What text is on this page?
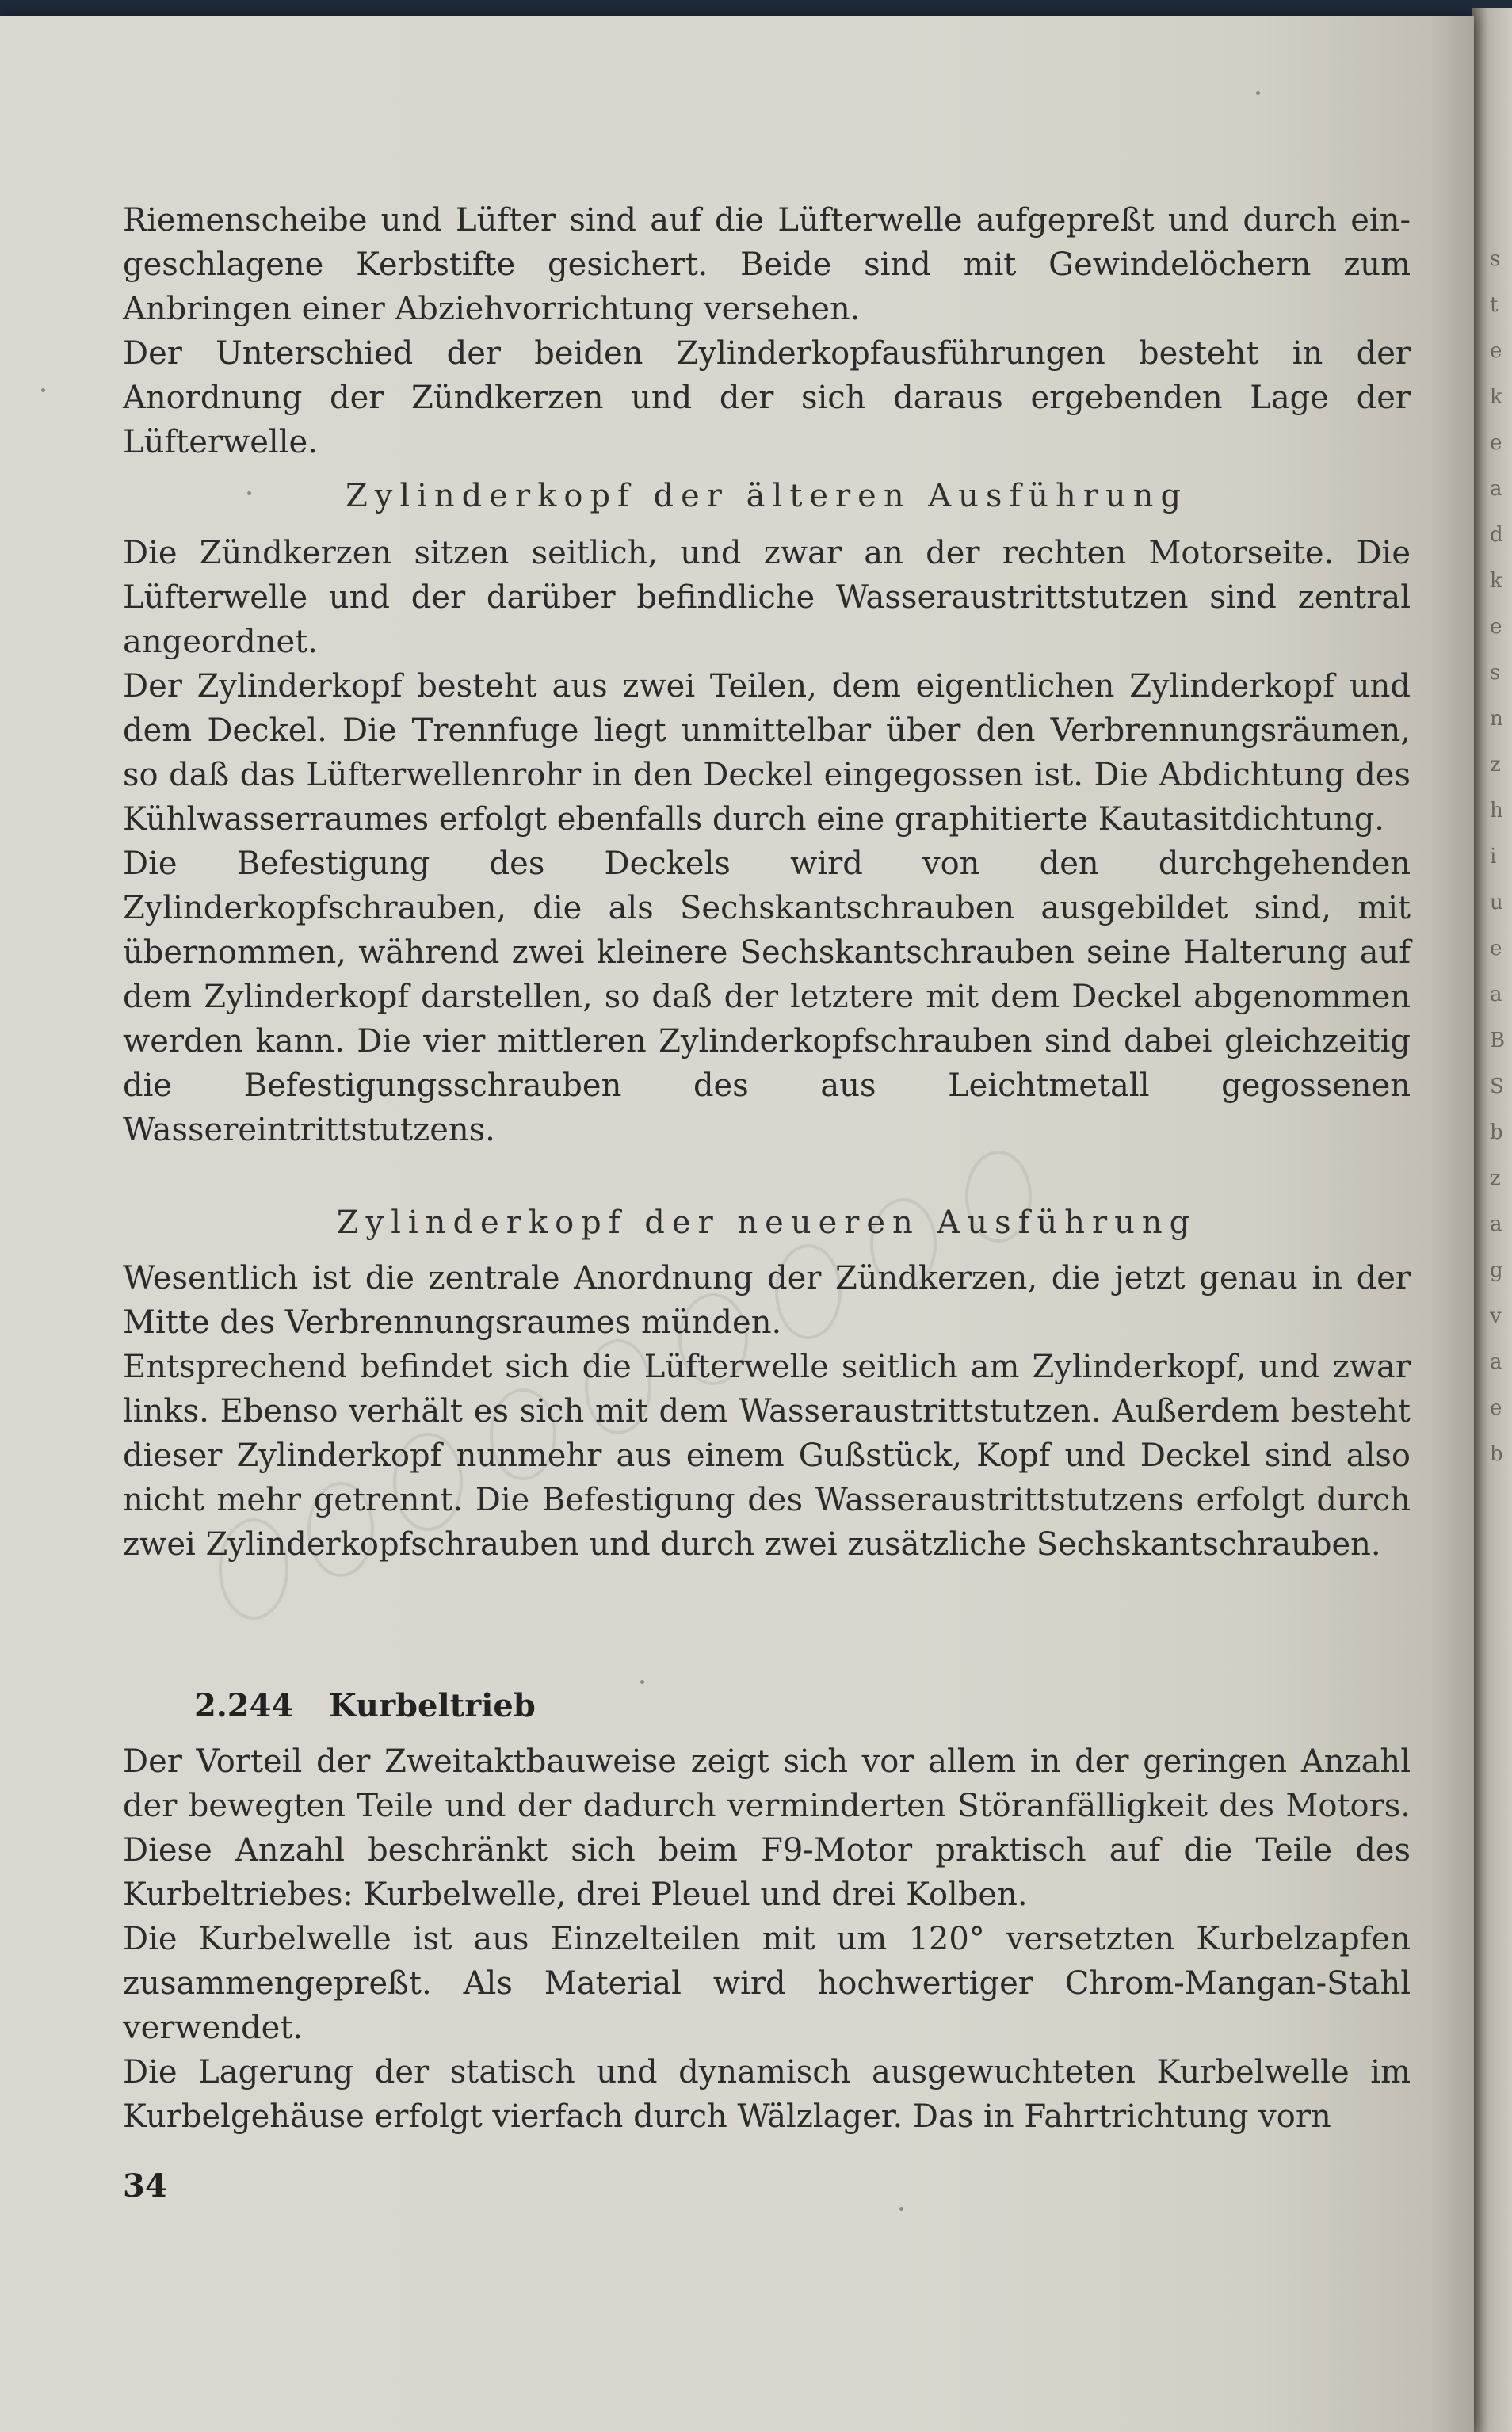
s
t
e
k
e
a
d
k
e
s
n
z
h
i
u
e
a
B
S
b
z
a
g
v
a
e
b

Riemenscheibe und Lüfter sind auf die Lüfterwelle aufgepreßt und durch ein- geschlagene Kerbstifte gesichert. Beide sind mit Gewindelöchern zum Anbringen einer Abziehvorrichtung versehen.

Der Unterschied der beiden Zylinderkopfausführungen besteht in der Anordnung der Zündkerzen und der sich daraus ergebenden Lage der Lüfterwelle.

Zylinderkopf der älteren Ausführung

Die Zündkerzen sitzen seitlich, und zwar an der rechten Motorseite. Die Lüfterwelle und der darüber befindliche Wasseraustrittstutzen sind zentral angeordnet.

Der Zylinderkopf besteht aus zwei Teilen, dem eigentlichen Zylinderkopf und dem Deckel. Die Trennfuge liegt unmittelbar über den Verbrennungsräumen, so daß das Lüfterwellenrohr in den Deckel eingegossen ist. Die Abdichtung des Kühlwasserraumes erfolgt ebenfalls durch eine graphitierte Kautasitdichtung.

Die Befestigung des Deckels wird von den durchgehenden Zylinderkopfschrauben, die als Sechskantschrauben ausgebildet sind, mit übernommen, während zwei kleinere Sechskantschrauben seine Halterung auf dem Zylinderkopf darstellen, so daß der letztere mit dem Deckel abgenommen werden kann. Die vier mittleren Zylinderkopfschrauben sind dabei gleichzeitig die Befestigungsschrauben des aus Leichtmetall gegossenen Wassereintrittstutzens.

Zylinderkopf der neueren Ausführung

Wesentlich ist die zentrale Anordnung der Zündkerzen, die jetzt genau in der Mitte des Verbrennungsraumes münden.

Entsprechend befindet sich die Lüfterwelle seitlich am Zylinderkopf, und zwar links. Ebenso verhält es sich mit dem Wasseraustrittstutzen. Außerdem besteht dieser Zylinderkopf nunmehr aus einem Gußstück, Kopf und Deckel sind also nicht mehr getrennt. Die Befestigung des Wasseraustrittstutzens erfolgt durch zwei Zylinderkopfschrauben und durch zwei zusätzliche Sechskantschrauben.

2.244 Kurbeltrieb

Der Vorteil der Zweitaktbauweise zeigt sich vor allem in der geringen Anzahl der bewegten Teile und der dadurch verminderten Störanfälligkeit des Motors. Diese Anzahl beschränkt sich beim F9-Motor praktisch auf die Teile des Kurbeltriebes: Kurbelwelle, drei Pleuel und drei Kolben.

Die Kurbelwelle ist aus Einzelteilen mit um 120° versetzten Kurbelzapfen zusammengepreßt. Als Material wird hochwertiger Chrom-Mangan-Stahl verwendet.

Die Lagerung der statisch und dynamisch ausgewuchteten Kurbelwelle im Kurbelgehäuse erfolgt vierfach durch Wälzlager. Das in Fahrtrichtung vorn

34
